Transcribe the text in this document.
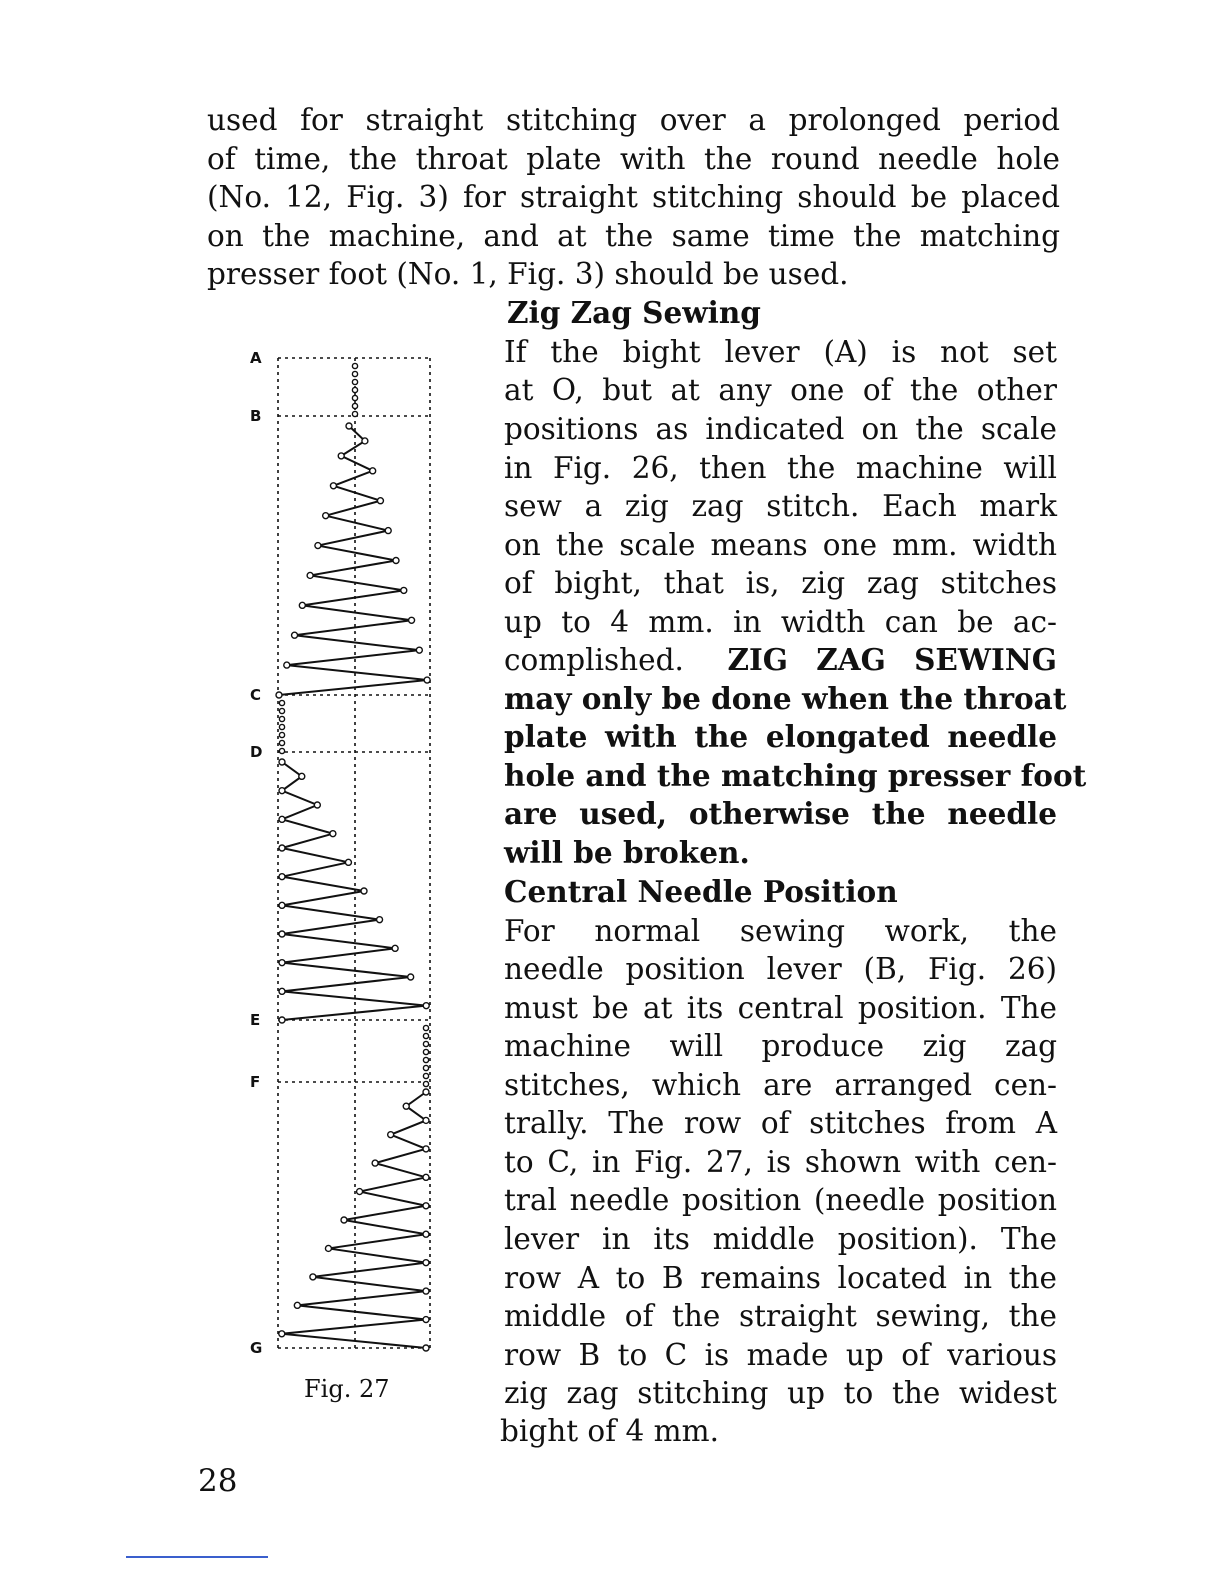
used for straight stitching over a prolonged period
of time, the throat plate with the round needle hole
(No. 12, Fig. 3) for straight stitching should be placed
on the machine, and at the same time the matching
presser foot (No. 1, Fig. 3) should be used.
Zig Zag Sewing
If the bight lever (A) is not set
at O, but at any one of the other
positions as indicated on the scale
in Fig. 26, then the machine will
sew a zig zag stitch. Each mark
on the scale means one mm. width
of bight, that is, zig zag stitches
up to 4 mm. in width can be ac-
complished. ZIG ZAG SEWING
may only be done when the throat
plate with the elongated needle
hole and the matching presser foot
are used, otherwise the needle
will be broken.
Central Needle Position
For normal sewing work, the
needle position lever (B, Fig. 26)
must be at its central position. The
machine will produce zig zag
stitches, which are arranged cen-
trally. The row of stitches from A
to C, in Fig. 27, is shown with cen-
tral needle position (needle position
lever in its middle position). The
row A to B remains located in the
middle of the straight sewing, the
row B to C is made up of various
zig zag stitching up to the widest
bight of 4 mm.
A
B
C
D
E
F
G
Fig. 27
28
